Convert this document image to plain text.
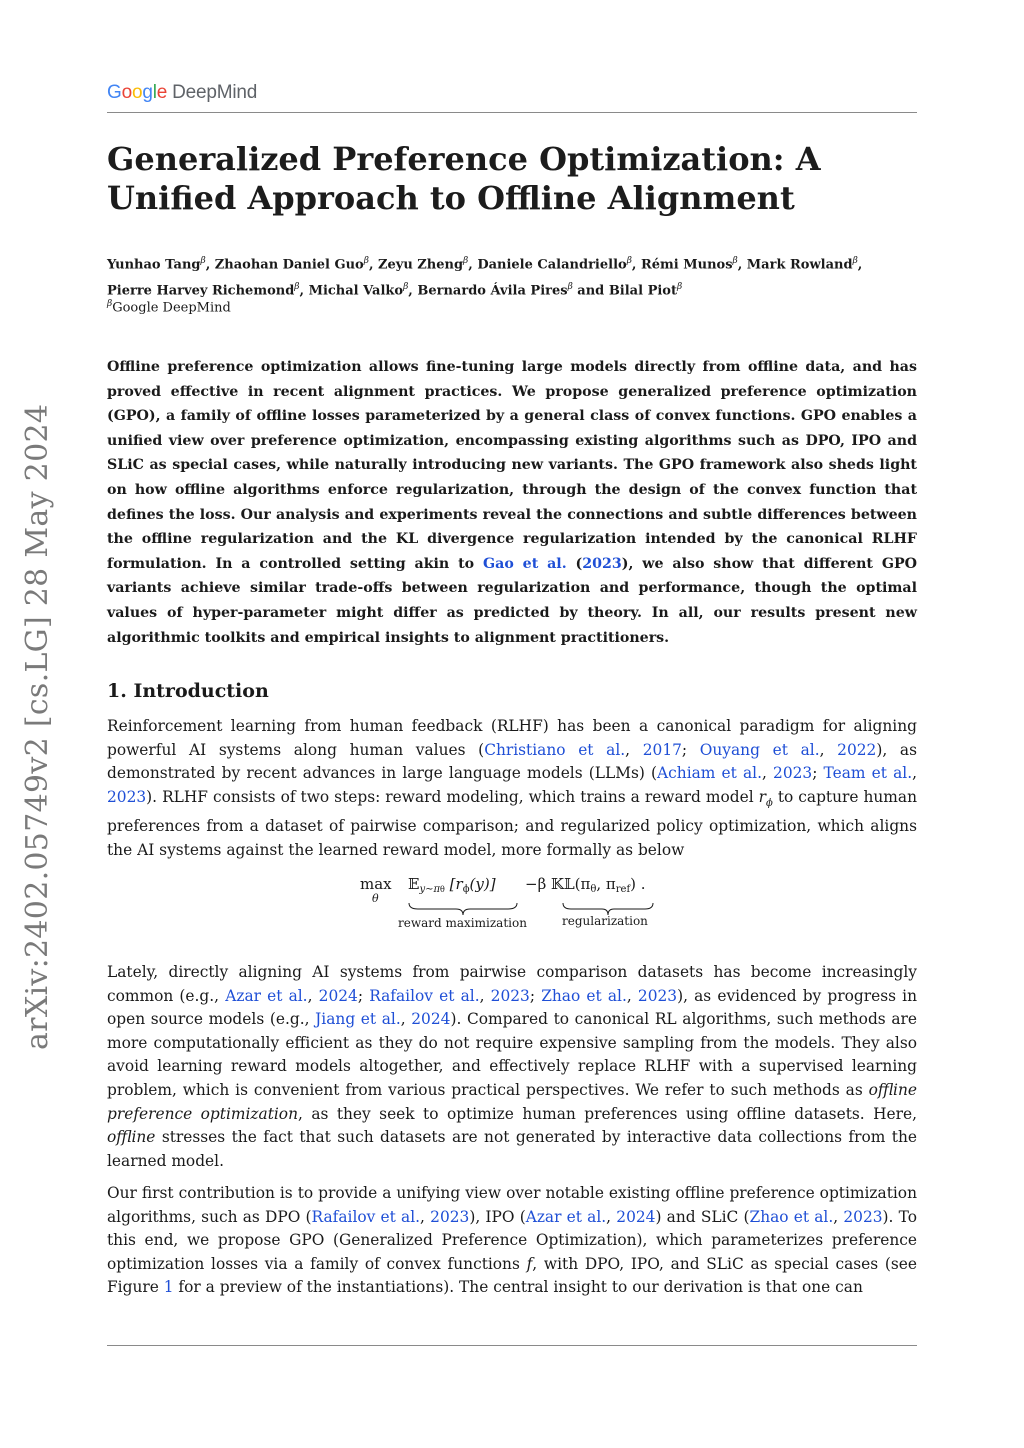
G o o g l e DeepMind
arXiv:2402.05749v2 [cs.LG] 28 May 2024
Generalized Preference Optimization: A Unified Approach to Offline Alignment
Yunhao Tang$^\beta$, Zhaohan Daniel Guo$^\beta$, Zeyu Zheng$^\beta$, Daniele Calandriello$^\beta$, Rémi Munos$^\beta$, Mark Rowland$^\beta$,
Pierre Harvey Richemond$^\beta$, Michal Valko$^\beta$, Bernardo Ávila Pires$^\beta$ and Bilal Piot$^\beta$
$^\beta$Google DeepMind

Offline preference optimization allows fine-tuning large models directly from offline data, and has proved effective in recent alignment practices. We propose generalized preference optimization (GPO), a family of offline losses parameterized by a general class of convex functions. GPO enables a unified view over preference optimization, encompassing existing algorithms such as DPO, IPO and SLiC as special cases, while naturally introducing new variants. The GPO framework also sheds light on how offline algorithms enforce regularization, through the design of the convex function that defines the loss. Our analysis and experiments reveal the connections and subtle differences between the offline regularization and the KL divergence regularization intended by the canonical RLHF formulation. In a controlled setting akin to Gao et al. (2023), we also show that different GPO variants achieve similar trade-offs between regularization and performance, though the optimal values of hyper-parameter might differ as predicted by theory. In all, our results present new algorithmic toolkits and empirical insights to alignment practitioners.

1. Introduction

Reinforcement learning from human feedback (RLHF) has been a canonical paradigm for aligning powerful AI systems along human values (Christiano et al., 2017; Ouyang et al., 2022), as demonstrated by recent advances in large language models (LLMs) (Achiam et al., 2023; Team et al., 2023). RLHF consists of two steps: reward modeling, which trains a reward model $r_\phi$ to capture human preferences from a dataset of pairwise comparison; and regularized policy optimization, which aligns the AI systems against the learned reward model, more formally as below

max
θ
𝔼$_{y\sim\pi\theta}$ $[r_\phi(y)] -\beta$ $𝕂𝕃(\pi_\theta$, $\pi_{ref}$) .
reward maximization	regularization

Lately, directly aligning AI systems from pairwise comparison datasets has become increasingly common (e.g., Azar et al., 2024; Rafailov et al., 2023; Zhao et al., 2023), as evidenced by progress in open source models (e.g., Jiang et al., 2024). Compared to canonical RL algorithms, such methods are more computationally efficient as they do not require expensive sampling from the models. They also avoid learning reward models altogether, and effectively replace RLHF with a supervised learning problem, which is convenient from various practical perspectives. We refer to such methods as offline preference optimization, as they seek to optimize human preferences using offline datasets. Here, offline stresses the fact that such datasets are not generated by interactive data collections from the learned model.

Our first contribution is to provide a unifying view over notable existing offline preference optimization algorithms, such as DPO (Rafailov et al., 2023), IPO (Azar et al., 2024) and SLiC (Zhao et al., 2023). To this end, we propose GPO (Generalized Preference Optimization), which parameterizes preference optimization losses via a family of convex functions f, with DPO, IPO, and SLiC as special cases (see Figure 1 for a preview of the instantiations). The central insight to our derivation is that one can
